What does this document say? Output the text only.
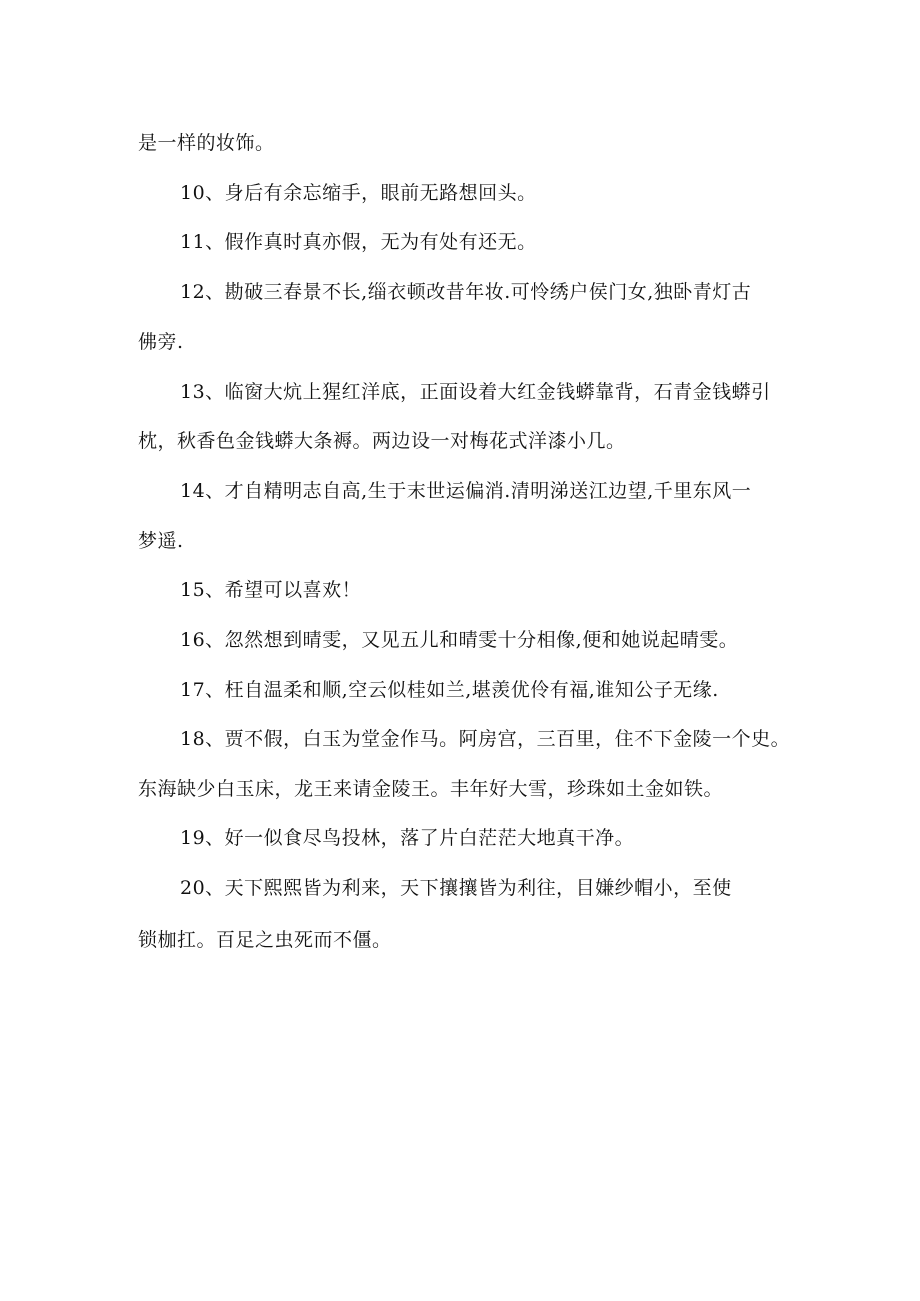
是一样的妆饰。
10、身后有余忘缩手，眼前无路想回头。
11、假作真时真亦假，无为有处有还无。
12、勘破三春景不长,缁衣顿改昔年妆.可怜绣户侯门女,独卧青灯古
佛旁.
13、临窗大炕上猩红洋底，正面设着大红金钱蟒靠背，石青金钱蟒引
枕，秋香色金钱蟒大条褥。两边设一对梅花式洋漆小几。
14、才自精明志自高,生于末世运偏消.清明涕送江边望,千里东风一
梦遥.
15、希望可以喜欢！
16、忽然想到晴雯，又见五儿和晴雯十分相像,便和她说起晴雯。
17、枉自温柔和顺,空云似桂如兰,堪羡优伶有福,谁知公子无缘.
18、贾不假，白玉为堂金作马。阿房宫，三百里，住不下金陵一个史。
东海缺少白玉床，龙王来请金陵王。丰年好大雪，珍珠如土金如铁。
19、好一似食尽鸟投林，落了片白茫茫大地真干净。
20、天下熙熙皆为利来，天下攘攘皆为利往，目嫌纱帽小，至使
锁枷扛。百足之虫死而不僵。
